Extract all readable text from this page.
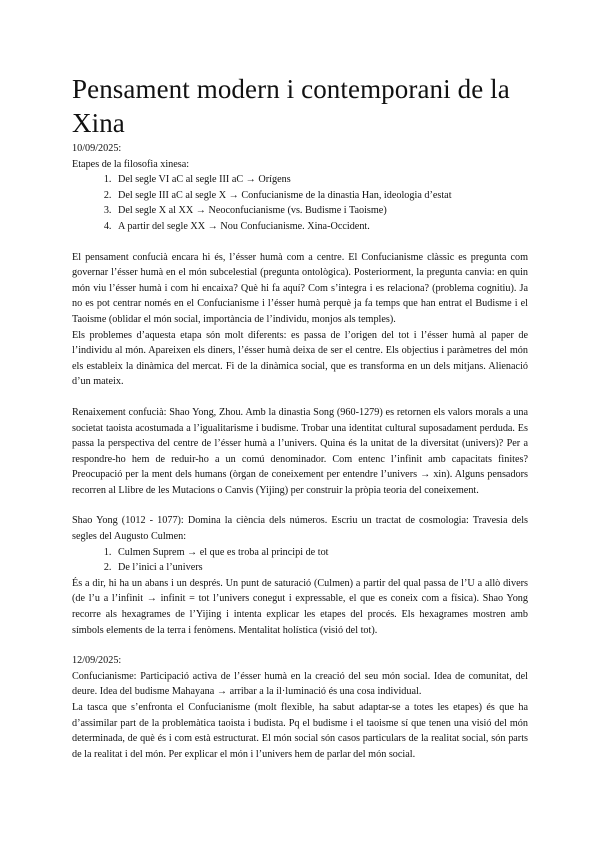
Pensament modern i contemporani de la Xina
10/09/2025:
Etapes de la filosofia xinesa:
1. Del segle VI aC al segle III aC → Orígens
2. Del segle III aC al segle X → Confucianisme de la dinastia Han, ideologia d’estat
3. Del segle X al XX → Neoconfucianisme (vs. Budisme i Taoisme)
4. A partir del segle XX → Nou Confucianisme. Xina-Occident.

El pensament confucià encara hi és, l’ésser humà com a centre. El Confucianisme clàssic es pregunta com governar l’ésser humà en el món subcelestial (pregunta ontològica). Posteriorment, la pregunta canvia: en quin món viu l’ésser humà i com hi encaixa? Què hi fa aquí? Com s’integra i es relaciona? (problema cognitiu). Ja no es pot centrar només en el Confucianisme i l’ésser humà perquè ja fa temps que han entrat el Budisme i el Taoisme (oblidar el món social, importància de l’individu, monjos als temples).

Els problemes d’aquesta etapa són molt diferents: es passa de l’origen del tot i l’ésser humà al paper de l’individu al món. Apareixen els diners, l’ésser humà deixa de ser el centre. Els objectius i paràmetres del món els estableix la dinàmica del mercat. Fi de la dinàmica social, que es transforma en un dels mitjans. Alienació d’un mateix.

Renaixement confucià: Shao Yong, Zhou. Amb la dinastia Song (960-1279) es retornen els valors morals a una societat taoista acostumada a l’igualitarisme i budisme. Trobar una identitat cultural suposadament perduda. Es passa la perspectiva del centre de l’ésser humà a l’univers. Quina és la unitat de la diversitat (univers)? Per a respondre-ho hem de reduir-ho a un comú denominador. Com entenc l’infinit amb capacitats finites? Preocupació per la ment dels humans (òrgan de coneixement per entendre l’univers → xin). Alguns pensadors recorren al Llibre de les Mutacions o Canvis (Yijing) per construir la pròpia teoria del coneixement.

Shao Yong (1012 - 1077): Domina la ciència dels números. Escriu un tractat de cosmologia: Travesia dels segles del Augusto Culmen:

1. Culmen Suprem → el que es troba al principi de tot
2. De l’inici a l’univers

És a dir, hi ha un abans i un després. Un punt de saturació (Culmen) a partir del qual passa de l’U a allò divers (de l’u a l’infinit → infinit = tot l’univers conegut i expressable, el que es coneix com a física). Shao Yong recorre als hexagrames de l’Yijing i intenta explicar les etapes del procés. Els hexagrames mostren amb símbols elements de la terra i fenòmens. Mentalitat holística (visió del tot).

12/09/2025:

Confucianisme: Participació activa de l’ésser humà en la creació del seu món social. Idea de comunitat, del deure. Idea del budisme Mahayana → arribar a la il·luminació és una cosa individual.

La tasca que s’enfronta el Confucianisme (molt flexible, ha sabut adaptar-se a totes les etapes) és que ha d’assimilar part de la problemàtica taoista i budista. Pq el budisme i el taoisme sí que tenen una visió del món determinada, de què és i com està estructurat. El món social són casos particulars de la realitat social, són parts de la realitat i del món. Per explicar el món i l’univers hem de parlar del món social.
